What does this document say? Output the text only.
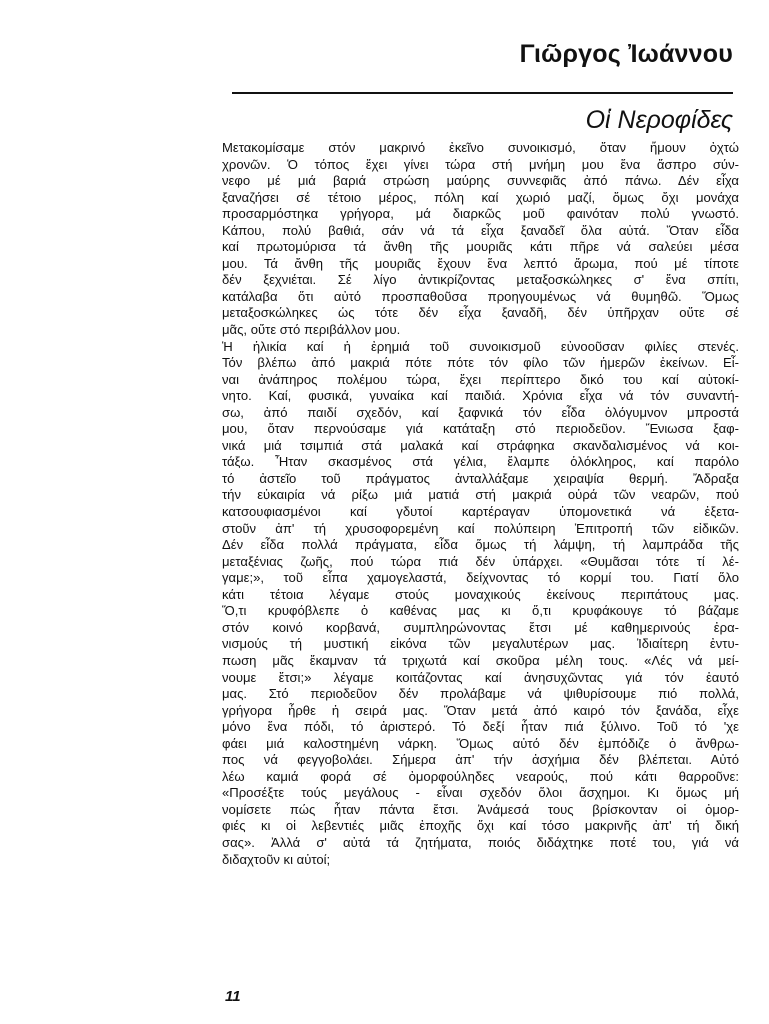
Γιῶργος Ἰωάννου
Οἱ Νεροφίδες
Μετακομίσαμε στόν μακρινό ἐκεῖνο συνοικισμό, ὅταν ἤμουν ὀχτώ
χρονῶν. Ὁ τόπος ἔχει γίνει τώρα στή μνήμη μου ἕνα ἄσπρο σύν-
νεφο μέ μιά βαριά στρώση μαύρης συννεφιᾶς ἀπό πάνω. Δέν εἶχα
ξαναζήσει σέ τέτοιο μέρος, πόλη καί χωριό μαζί, ὅμως ὄχι μονάχα
προσαρμόστηκα γρήγορα, μά διαρκῶς μοῦ φαινόταν πολύ γνωστό.
Κάπου, πολύ βαθιά, σάν νά τά εἶχα ξαναδεῖ ὅλα αὐτά. Ὅταν εἶδα
καί πρωτομύρισα τά ἄνθη τῆς μουριᾶς κάτι πῆρε νά σαλεύει μέσα
μου. Τά ἄνθη τῆς μουριᾶς ἔχουν ἕνα λεπτό ἄρωμα, πού μέ τίποτε
δέν ξεχνιέται. Σέ λίγο ἀντικρίζοντας μεταξοσκώληκες σ' ἕνα σπίτι,
κατάλαβα ὅτι αὐτό προσπαθοῦσα προηγουμένως νά θυμηθῶ. Ὅμως
μεταξοσκώληκες ὡς τότε δέν εἶχα ξαναδῆ, δέν ὑπῆρχαν οὔτε σέ
μᾶς, οὔτε στό περιβάλλον μου.
Ἡ ἡλικία καί ἡ ἐρημιά τοῦ συνοικισμοῦ εὐνοοῦσαν φιλίες στενές.
Τόν βλέπω ἀπό μακριά πότε πότε τόν φίλο τῶν ἡμερῶν ἐκείνων. Εἶ-
ναι ἀνάπηρος πολέμου τώρα, ἔχει περίπτερο δικό του καί αὐτοκί-
νητο. Καί, φυσικά, γυναίκα καί παιδιά. Χρόνια εἶχα νά τόν συναντή-
σω, ἀπό παιδί σχεδόν, καί ξαφνικά τόν εἶδα ὁλόγυμνον μπροστά
μου, ὅταν περνούσαμε γιά κατάταξη στό περιοδεῦον. Ἔνιωσα ξαφ-
νικά μιά τσιμπιά στά μαλακά καί στράφηκα σκανδαλισμένος νά κοι-
τάξω. Ἦταν σκασμένος στά γέλια, ἔλαμπε ὁλόκληρος, καί παρόλο
τό ἀστεῖο τοῦ πράγματος ἀνταλλάξαμε χειραψία θερμή. Ἄδραξα
τήν εὐκαιρία νά ρίξω μιά ματιά στή μακριά οὐρά τῶν νεαρῶν, πού
κατσουφιασμένοι καί γδυτοί καρτέραγαν ὑπομονετικά νά ἐξετα-
στοῦν ἀπ' τή χρυσοφορεμένη καί πολύπειρη Ἐπιτροπή τῶν εἰδικῶν.
Δέν εἶδα πολλά πράγματα, εἶδα ὅμως τή λάμψη, τή λαμπράδα τῆς
μεταξένιας ζωῆς, πού τώρα πιά δέν ὑπάρχει. «Θυμᾶσαι τότε τί λέ-
γαμε;», τοῦ εἶπα χαμογελαστά, δείχνοντας τό κορμί του. Γιατί ὅλο
κάτι τέτοια λέγαμε στούς μοναχικούς ἐκείνους περιπάτους μας.
Ὅ,τι κρυφόβλεπε ὁ καθένας μας κι ὅ,τι κρυφάκουγε τό βάζαμε
στόν κοινό κορβανά, συμπληρώνοντας ἔτσι μέ καθημερινούς ἐρα-
νισμούς τή μυστική εἰκόνα τῶν μεγαλυτέρων μας. Ἰδιαίτερη ἐντυ-
πωση μᾶς ἔκαμναν τά τριχωτά καί σκοῦρα μέλη τους. «Λές νά μεί-
νουμε ἔτσι;» λέγαμε κοιτάζοντας καί ἀνησυχῶντας γιά τόν ἑαυτό
μας. Στό περιοδεῦον δέν προλάβαμε νά ψιθυρίσουμε πιό πολλά,
γρήγορα ἦρθε ἡ σειρά μας. Ὅταν μετά ἀπό καιρό τόν ξανάδα, εἶχε
μόνο ἕνα πόδι, τό ἀριστερό. Τό δεξί ἦταν πιά ξύλινο. Τοῦ τό 'χε
φάει μιά καλοστημένη νάρκη. Ὅμως αὐτό δέν ἐμπόδιζε ὁ ἄνθρω-
πος νά φεγγοβολάει. Σήμερα ἀπ' τήν ἀσχήμια δέν βλέπεται. Αὐτό
λέω καμιά φορά σέ ὀμορφούληδες νεαρούς, πού κάτι θαρροῦνε:
«Προσέξτε τούς μεγάλους - εἶναι σχεδόν ὅλοι ἄσχημοι. Κι ὅμως μή
νομίσετε πώς ἦταν πάντα ἔτσι. Ἀνάμεσά τους βρίσκονταν οἱ ὀμορ-
φιές κι οἱ λεβεντιές μιᾶς ἐποχῆς ὄχι καί τόσο μακρινῆς ἀπ' τή δική
σας». Ἀλλά σ' αὐτά τά ζητήματα, ποιός διδάχτηκε ποτέ του, γιά νά
διδαχτοῦν κι αὐτοί;
11
